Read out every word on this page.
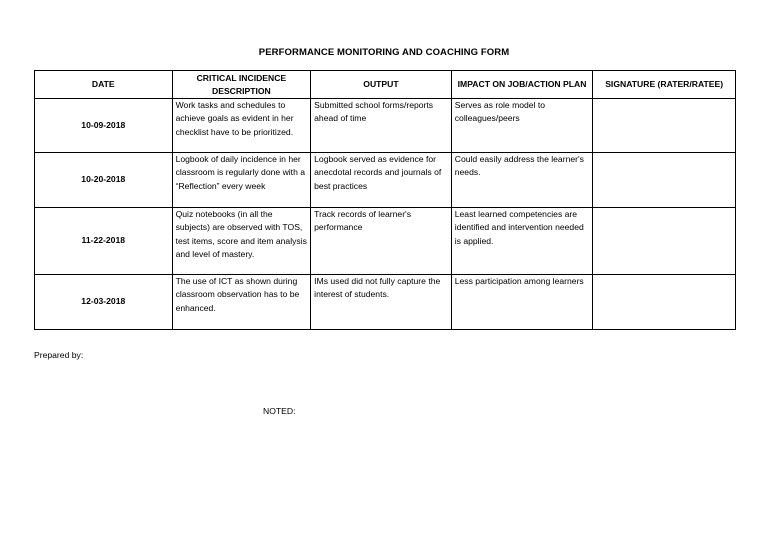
PERFORMANCE MONITORING AND COACHING FORM
DATE	CRITICAL INCIDENCE DESCRIPTION	OUTPUT	IMPACT ON JOB/ACTION PLAN	SIGNATURE (RATER/RATEE)
10-09-2018	Work tasks and schedules to achieve goals as evident in her checklist have to be prioritized.	Submitted school forms/reports ahead of time	Serves as role model to colleagues/peers	
10-20-2018	Logbook of daily incidence in her classroom is regularly done with a “Reflection” every week	Logbook served as evidence for anecdotal records and journals of best practices	Could easily address the learner's needs.	
11-22-2018	Quiz notebooks (in all the subjects) are observed with TOS, test items, score and item analysis and level of mastery.	Track records of learner's performance	Least learned competencies are identified and intervention needed is applied.	
12-03-2018	The use of ICT as shown during classroom observation has to be enhanced.	IMs used did not fully capture the interest of students.	Less participation among learners	
Prepared by:
NOTED:
